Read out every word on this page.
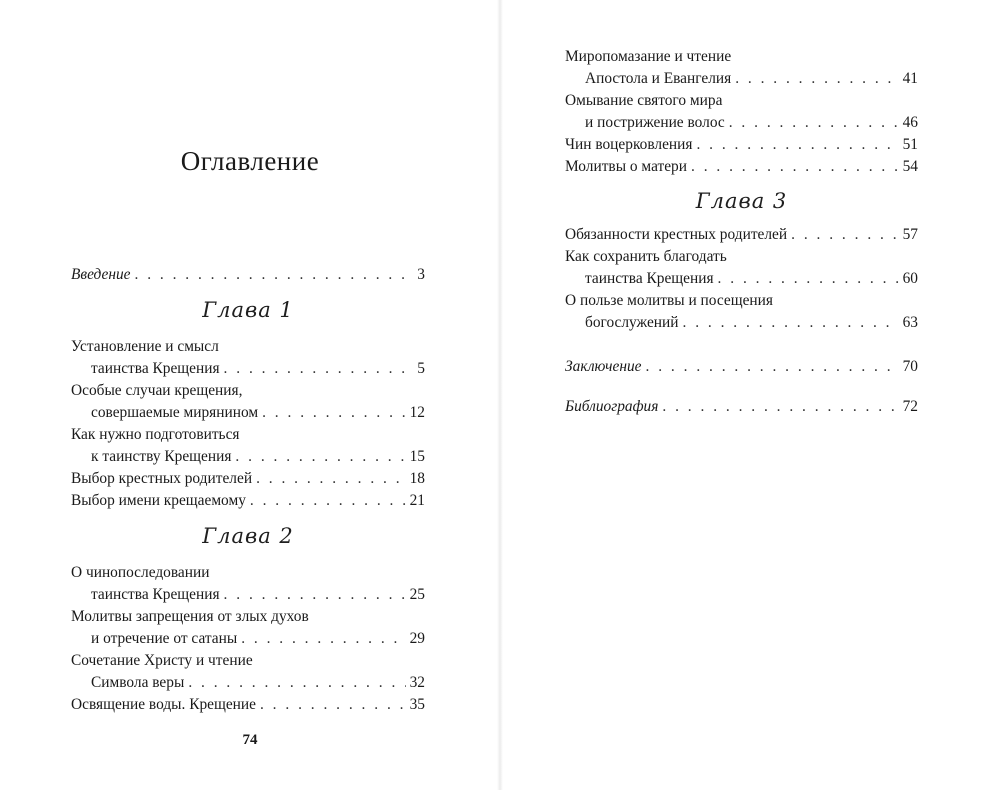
Оглавление
Введение . . .	3
Глава 1
Установление и смысл
таинства Крещения . . .	5
Особые случаи крещения,
совершаемые мирянином . . .	12
Как нужно подготовиться
к таинству Крещения . . .	15
Выбор крестных родителей . . .	18
Выбор имени крещаемому . . .	21
Глава 2
О чинопоследовании
таинства Крещения . . .	25
Молитвы запрещения от злых духов
и отречение от сатаны . . .	29
Сочетание Христу и чтение
Символа веры . . .	32
Освящение воды. Крещение . . .	35
74
Миропомазание и чтение
Апостола и Евангелия . . .	41
Омывание святого мира
и пострижение волос . . .	46
Чин воцерковления . . .	51
Молитвы о матери . . .	54
Глава 3
Обязанности крестных родителей . . .	57
Как сохранить благодать
таинства Крещения . . .	60
О пользе молитвы и посещения
богослужений . . .	63
Заключение . . .	70
Библиография . . .	72
